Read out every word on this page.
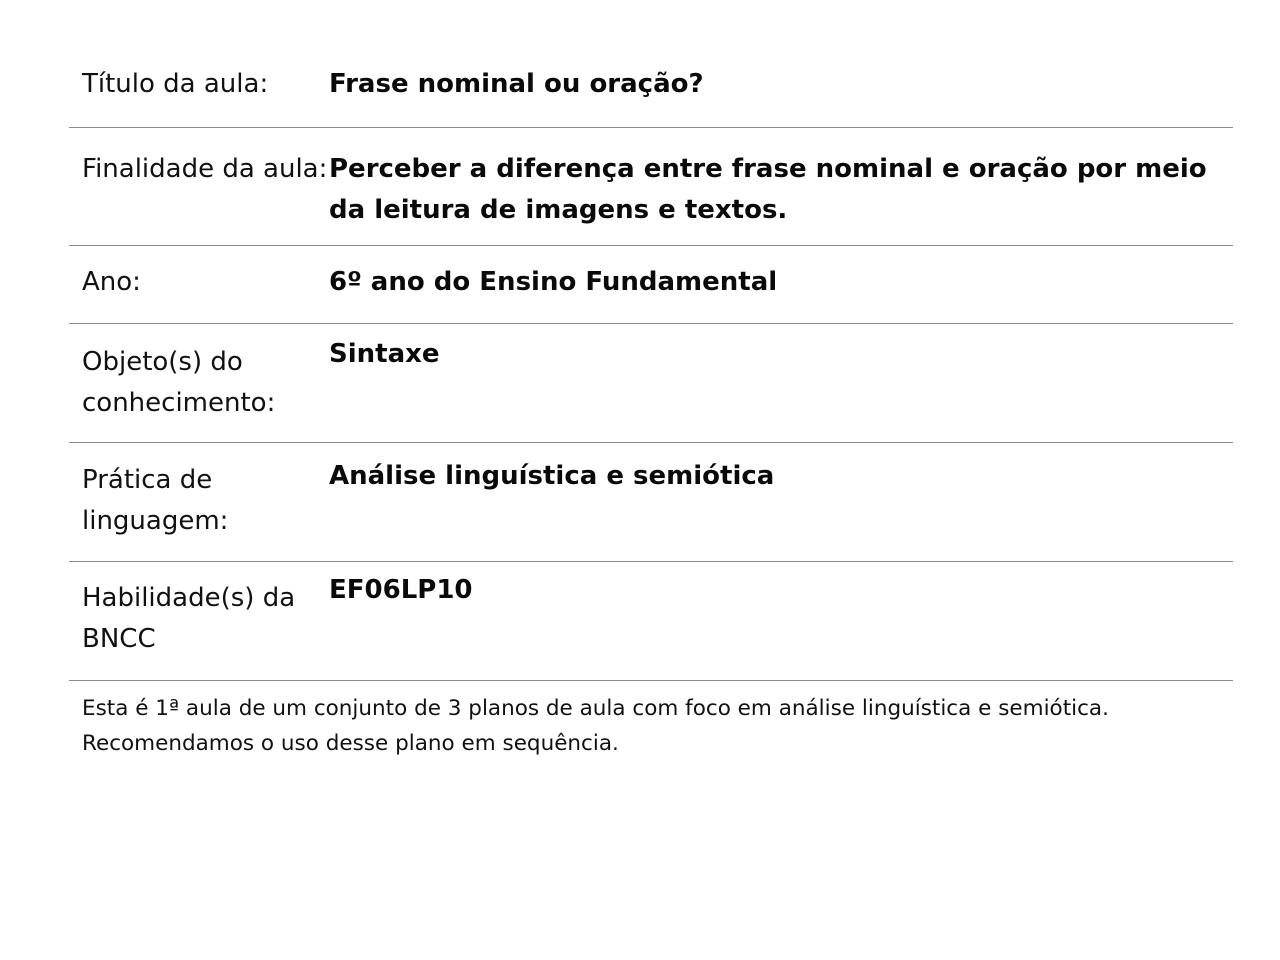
Título da aula:	Frase nominal ou oração?
Finalidade da aula: Perceber a diferença entre frase nominal e oração por meio da leitura de imagens e textos.
Ano:	6º ano do Ensino Fundamental
Objeto(s) do conhecimento:
Sintaxe
Prática de linguagem:
Análise linguística e semiótica
Habilidade(s) da BNCC
EF06LP10

Esta é 1ª aula de um conjunto de 3 planos de aula com foco em análise linguística e semiótica.

Recomendamos o uso desse plano em sequência.
